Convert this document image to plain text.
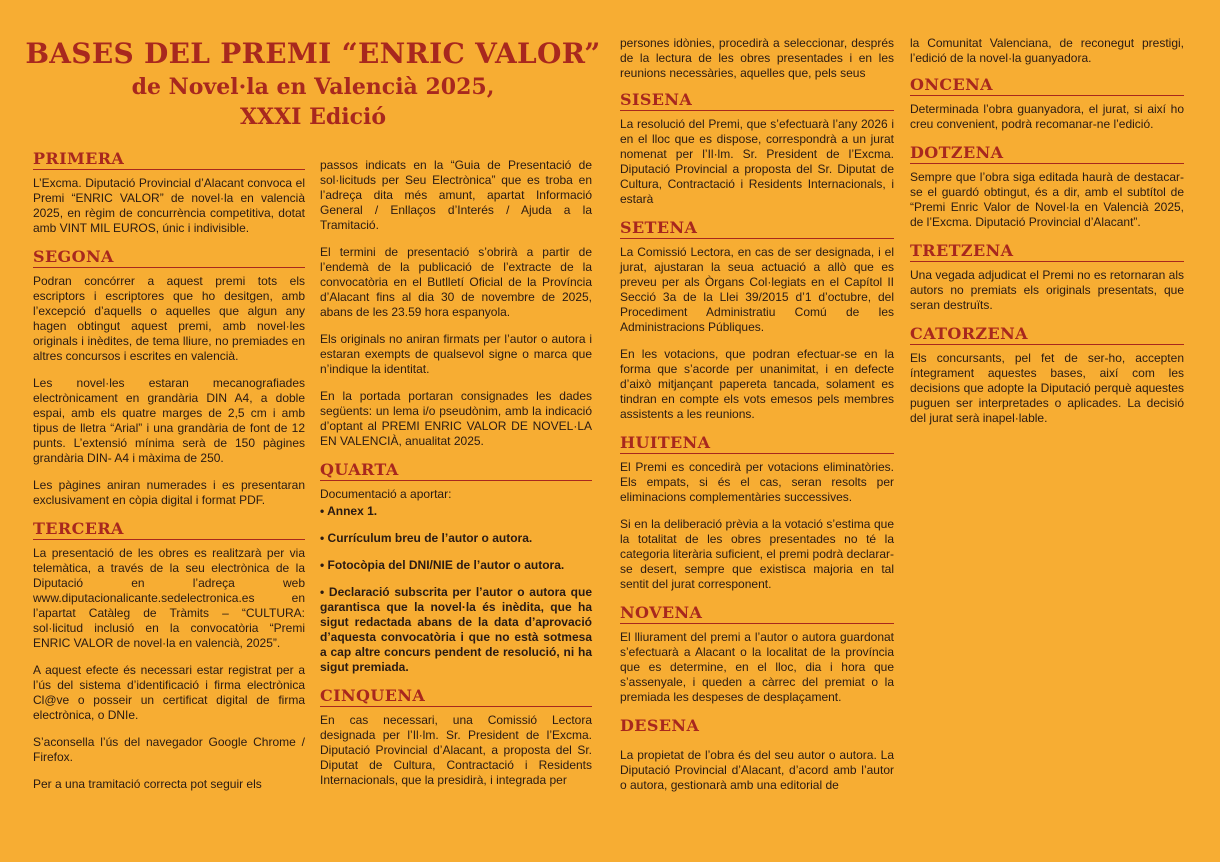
BASES DEL PREMI “ENRIC VALOR”
de Novel·la en Valencià 2025,
XXXI Edició
PRIMERA

L’Excma. Diputació Provincial d’Alacant convoca el Premi “ENRIC VALOR” de novel·la en valencià 2025, en règim de concurrència competitiva, dotat amb VINT MIL EUROS, únic i indivisible.

SEGONA

Podran concórrer a aquest premi tots els escriptors i escriptores que ho desitgen, amb l’excepció d’aquells o aquelles que algun any hagen obtingut aquest premi, amb novel·les originals i inèdites, de tema lliure, no premiades en altres concursos i escrites en valencià.

Les novel·les estaran mecanografiades electrònicament en grandària DIN A4, a doble espai, amb els quatre marges de 2,5 cm i amb tipus de lletra “Arial” i una grandària de font de 12 punts. L’extensió mínima serà de 150 pàgines grandària DIN- A4 i màxima de 250.

Les pàgines aniran numerades i es presentaran exclusivament en còpia digital i format PDF.

TERCERA

La presentació de les obres es realitzarà per via telemàtica, a través de la seu electrònica de la Diputació en l’adreça web www.diputacionalicante.sedelectronica.es en l’apartat Catàleg de Tràmits – “CULTURA: sol·licitud inclusió en la convocatòria “Premi ENRIC VALOR de novel·la en valencià, 2025”.

A aquest efecte és necessari estar registrat per a l’ús del sistema d’identificació i firma electrònica Cl@ve o posseir un certificat digital de firma electrònica, o DNIe.

S’aconsella l’ús del navegador Google Chrome / Firefox.

Per a una tramitació correcta pot seguir els

passos indicats en la “Guia de Presentació de sol·licituds per Seu Electrònica” que es troba en l’adreça dita més amunt, apartat Informació General / Enllaços d’Interés / Ajuda a la Tramitació.

El termini de presentació s’obrirà a partir de l’endemà de la publicació de l’extracte de la convocatòria en el Butlletí Oficial de la Província d’Alacant fins al dia 30 de novembre de 2025, abans de les 23.59 hora espanyola.

Els originals no aniran firmats per l’autor o autora i estaran exempts de qualsevol signe o marca que n’indique la identitat.

En la portada portaran consignades les dades següents: un lema i/o pseudònim, amb la indicació d’optant al PREMI ENRIC VALOR DE NOVEL·LA EN VALENCIÀ, anualitat 2025.

QUARTA

Documentació a aportar:

• Annex 1.

• Currículum breu de l’autor o autora.

• Fotocòpia del DNI/NIE de l’autor o autora.

• Declaració subscrita per l’autor o autora que garantisca que la novel·la és inèdita, que ha sigut redactada abans de la data d’aprovació d’aquesta convocatòria i que no està sotmesa a cap altre concurs pendent de resolució, ni ha sigut premiada.

CINQUENA

En cas necessari, una Comissió Lectora designada per l’Il·lm. Sr. President de l’Excma. Diputació Provincial d’Alacant, a proposta del Sr. Diputat de Cultura, Contractació i Residents Internacionals, que la presidirà, i integrada per

persones idònies, procedirà a seleccionar, després de la lectura de les obres presentades i en les reunions necessàries, aquelles que, pels seus

SISENA

La resolució del Premi, que s’efectuarà l’any 2026 i en el lloc que es dispose, correspondrà a un jurat nomenat per l’Il·lm. Sr. President de l’Excma. Diputació Provincial a proposta del Sr. Diputat de Cultura, Contractació i Residents Internacionals, i estarà

SETENA

La Comissió Lectora, en cas de ser designada, i el jurat, ajustaran la seua actuació a allò que es preveu per als Òrgans Col·legiats en el Capítol II Secció 3a de la Llei 39/2015 d’1 d’octubre, del Procediment Administratiu Comú de les Administracions Públiques.

En les votacions, que podran efectuar-se en la forma que s’acorde per unanimitat, i en defecte d’això mitjançant papereta tancada, solament es tindran en compte els vots emesos pels membres assistents a les reunions.

HUITENA

El Premi es concedirà per votacions eliminatòries. Els empats, si és el cas, seran resolts per eliminacions complementàries successives.

Si en la deliberació prèvia a la votació s’estima que la totalitat de les obres presentades no té la categoria literària suficient, el premi podrà declarar-se desert, sempre que existisca majoria en tal sentit del jurat corresponent.

NOVENA

El lliurament del premi a l’autor o autora guardonat s’efectuarà a Alacant o la localitat de la província que es determine, en el lloc, dia i hora que s’assenyale, i queden a càrrec del premiat o la premiada les despeses de desplaçament.

DESENA

La propietat de l’obra és del seu autor o autora. La Diputació Provincial d’Alacant, d’acord amb l’autor o autora, gestionarà amb una editorial de

la Comunitat Valenciana, de reconegut prestigi, l’edició de la novel·la guanyadora.

ONCENA

Determinada l’obra guanyadora, el jurat, si així ho creu convenient, podrà recomanar-ne l’edició.

DOTZENA

Sempre que l’obra siga editada haurà de destacar-se el guardó obtingut, és a dir, amb el subtítol de “Premi Enric Valor de Novel·la en Valencià 2025, de l’Excma. Diputació Provincial d’Alacant”.

TRETZENA

Una vegada adjudicat el Premi no es retornaran als autors no premiats els originals presentats, que seran destruïts.

CATORZENA

Els concursants, pel fet de ser-ho, accepten íntegrament aquestes bases, així com les decisions que adopte la Diputació perquè aquestes puguen ser interpretades o aplicades. La decisió del jurat serà inapel·lable.
